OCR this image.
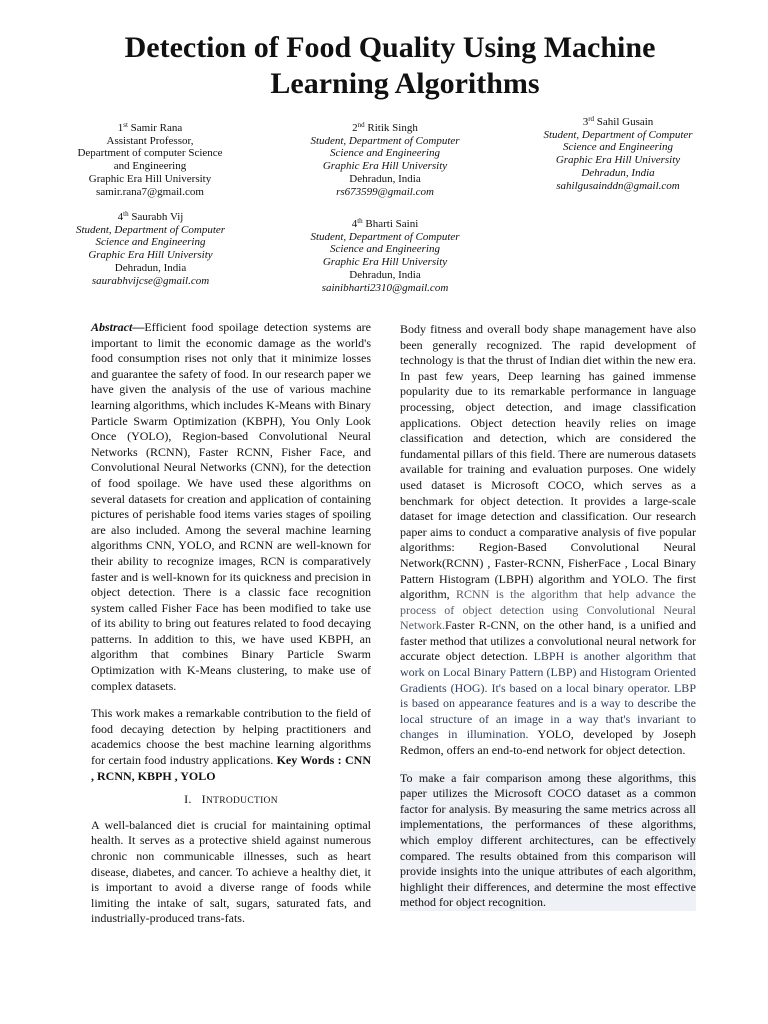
Detection of Food Quality Using Machine
Learning Algorithms
1st Samir Rana
Assistant Professor,
Department of computer Science
and Engineering
Graphic Era Hill University
samir.rana7@gmail.com
2nd Ritik Singh
Student, Department of Computer
Science and Engineering
Graphic Era Hill University
Dehradun, India
rs673599@gmail.com
3rd Sahil Gusain
Student, Department of Computer
Science and Engineering
Graphic Era Hill University
Dehradun, India
sahilgusainddn@gmail.com
4th Saurabh Vij
Student, Department of Computer
Science and Engineering
Graphic Era Hill University
Dehradun, India
saurabhvijcse@gmail.com
4th Bharti Saini
Student, Department of Computer
Science and Engineering
Graphic Era Hill University
Dehradun, India
sainibharti2310@gmail.com

Abstract—Efficient food spoilage detection systems are important to limit the economic damage as the world's food consumption rises not only that it minimize losses and guarantee the safety of food. In our research paper we have given the analysis of the use of various machine learning algorithms, which includes K-Means with Binary Particle Swarm Optimization (KBPH), You Only Look Once (YOLO), Region-based Convolutional Neural Networks (RCNN), Faster RCNN, Fisher Face, and Convolutional Neural Networks (CNN), for the detection of food spoilage. We have used these algorithms on several datasets for creation and application of containing pictures of perishable food items varies stages of spoiling are also included. Among the several machine learning algorithms CNN, YOLO, and RCNN are well-known for their ability to recognize images, RCN is comparatively faster and is well-known for its quickness and precision in object detection. There is a classic face recognition system called Fisher Face has been modified to take use of its ability to bring out features related to food decaying patterns. In addition to this, we have used KBPH, an algorithm that combines Binary Particle Swarm Optimization with K-Means clustering, to make use of complex datasets.

This work makes a remarkable contribution to the field of food decaying detection by helping practitioners and academics choose the best machine learning algorithms for certain food industry applications. Key Words : CNN , RCNN, KBPH , YOLO

I. INTRODUCTION

A well-balanced diet is crucial for maintaining optimal health. It serves as a protective shield against numerous chronic non communicable illnesses, such as heart disease, diabetes, and cancer. To achieve a healthy diet, it is important to avoid a diverse range of foods while limiting the intake of salt, sugars, saturated fats, and industrially-produced trans-fats.

Body fitness and overall body shape management have also been generally recognized. The rapid development of technology is that the thrust of Indian diet within the new era. In past few years, Deep learning has gained immense popularity due to its remarkable performance in language processing, object detection, and image classification applications. Object detection heavily relies on image classification and detection, which are considered the fundamental pillars of this field. There are numerous datasets available for training and evaluation purposes. One widely used dataset is Microsoft COCO, which serves as a benchmark for object detection. It provides a large-scale dataset for image detection and classification. Our research paper aims to conduct a comparative analysis of five popular algorithms: Region-Based Convolutional Neural Network(RCNN) , Faster-RCNN, FisherFace , Local Binary Pattern Histogram (LBPH) algorithm and YOLO. The first algorithm, RCNN is the algorithm that help advance the process of object detection using Convolutional Neural Network.Faster R-CNN, on the other hand, is a unified and faster method that utilizes a convolutional neural network for accurate object detection. LBPH is another algorithm that work on Local Binary Pattern (LBP) and Histogram Oriented Gradients (HOG). It's based on a local binary operator. LBP is based on appearance features and is a way to describe the local structure of an image in a way that's invariant to changes in illumination. YOLO, developed by Joseph Redmon, offers an end-to-end network for object detection.

To make a fair comparison among these algorithms, this paper utilizes the Microsoft COCO dataset as a common factor for analysis. By measuring the same metrics across all implementations, the performances of these algorithms, which employ different architectures, can be effectively compared. The results obtained from this comparison will provide insights into the unique attributes of each algorithm, highlight their differences, and determine the most effective method for object recognition.
